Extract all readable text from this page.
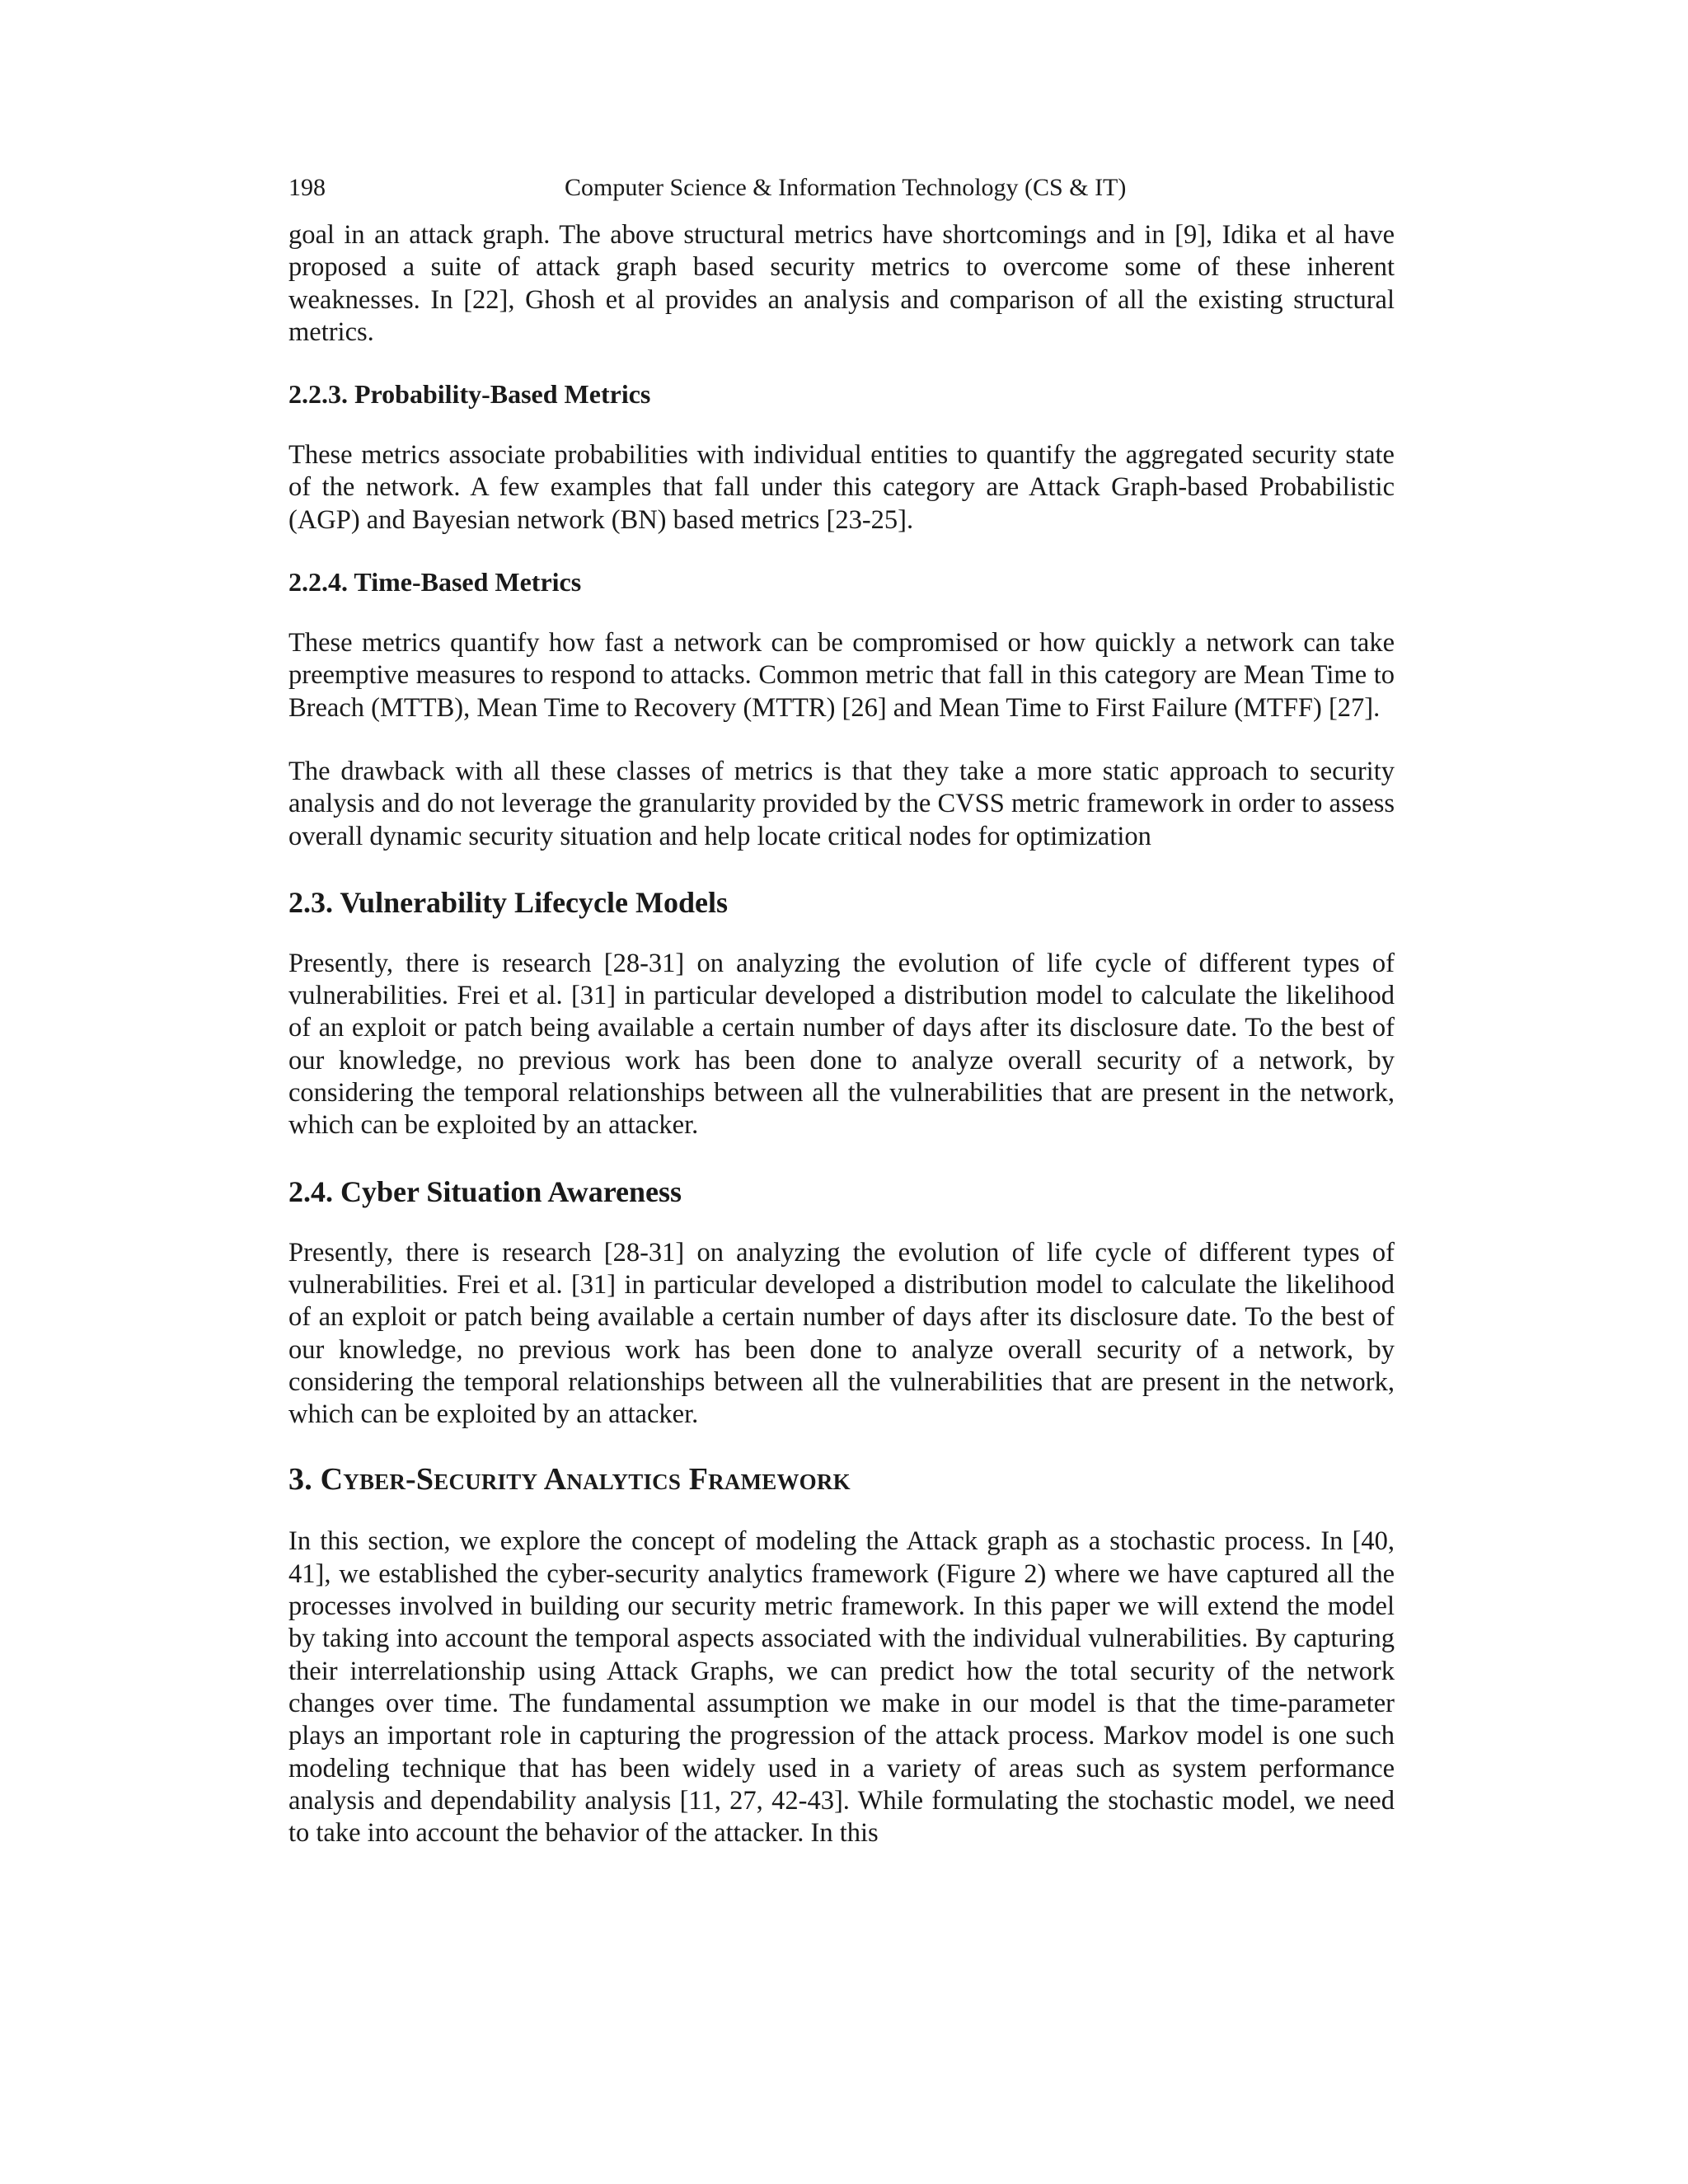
198	Computer Science & Information Technology (CS & IT)

goal in an attack graph. The above structural metrics have shortcomings and in [9], Idika et al have proposed a suite of attack graph based security metrics to overcome some of these inherent weaknesses. In [22], Ghosh et al provides an analysis and comparison of all the existing structural metrics.

2.2.3. Probability-Based Metrics

These metrics associate probabilities with individual entities to quantify the aggregated security state of the network. A few examples that fall under this category are Attack Graph-based Probabilistic (AGP) and Bayesian network (BN) based metrics [23-25].

2.2.4. Time-Based Metrics

These metrics quantify how fast a network can be compromised or how quickly a network can take preemptive measures to respond to attacks. Common metric that fall in this category are Mean Time to Breach (MTTB), Mean Time to Recovery (MTTR) [26] and Mean Time to First Failure (MTFF) [27].

The drawback with all these classes of metrics is that they take a more static approach to security analysis and do not leverage the granularity provided by the CVSS metric framework in order to assess overall dynamic security situation and help locate critical nodes for optimization

2.3. Vulnerability Lifecycle Models

Presently, there is research [28-31] on analyzing the evolution of life cycle of different types of vulnerabilities. Frei et al. [31] in particular developed a distribution model to calculate the likelihood of an exploit or patch being available a certain number of days after its disclosure date. To the best of our knowledge, no previous work has been done to analyze overall security of a network, by considering the temporal relationships between all the vulnerabilities that are present in the network, which can be exploited by an attacker.

2.4. Cyber Situation Awareness

Presently, there is research [28-31] on analyzing the evolution of life cycle of different types of vulnerabilities. Frei et al. [31] in particular developed a distribution model to calculate the likelihood of an exploit or patch being available a certain number of days after its disclosure date. To the best of our knowledge, no previous work has been done to analyze overall security of a network, by considering the temporal relationships between all the vulnerabilities that are present in the network, which can be exploited by an attacker.

3. Cyber-Security Analytics Framework

In this section, we explore the concept of modeling the Attack graph as a stochastic process. In [40, 41], we established the cyber-security analytics framework (Figure 2) where we have captured all the processes involved in building our security metric framework. In this paper we will extend the model by taking into account the temporal aspects associated with the individual vulnerabilities. By capturing their interrelationship using Attack Graphs, we can predict how the total security of the network changes over time. The fundamental assumption we make in our model is that the time-parameter plays an important role in capturing the progression of the attack process. Markov model is one such modeling technique that has been widely used in a variety of areas such as system performance analysis and dependability analysis [11, 27, 42-43]. While formulating the stochastic model, we need to take into account the behavior of the attacker. In this
